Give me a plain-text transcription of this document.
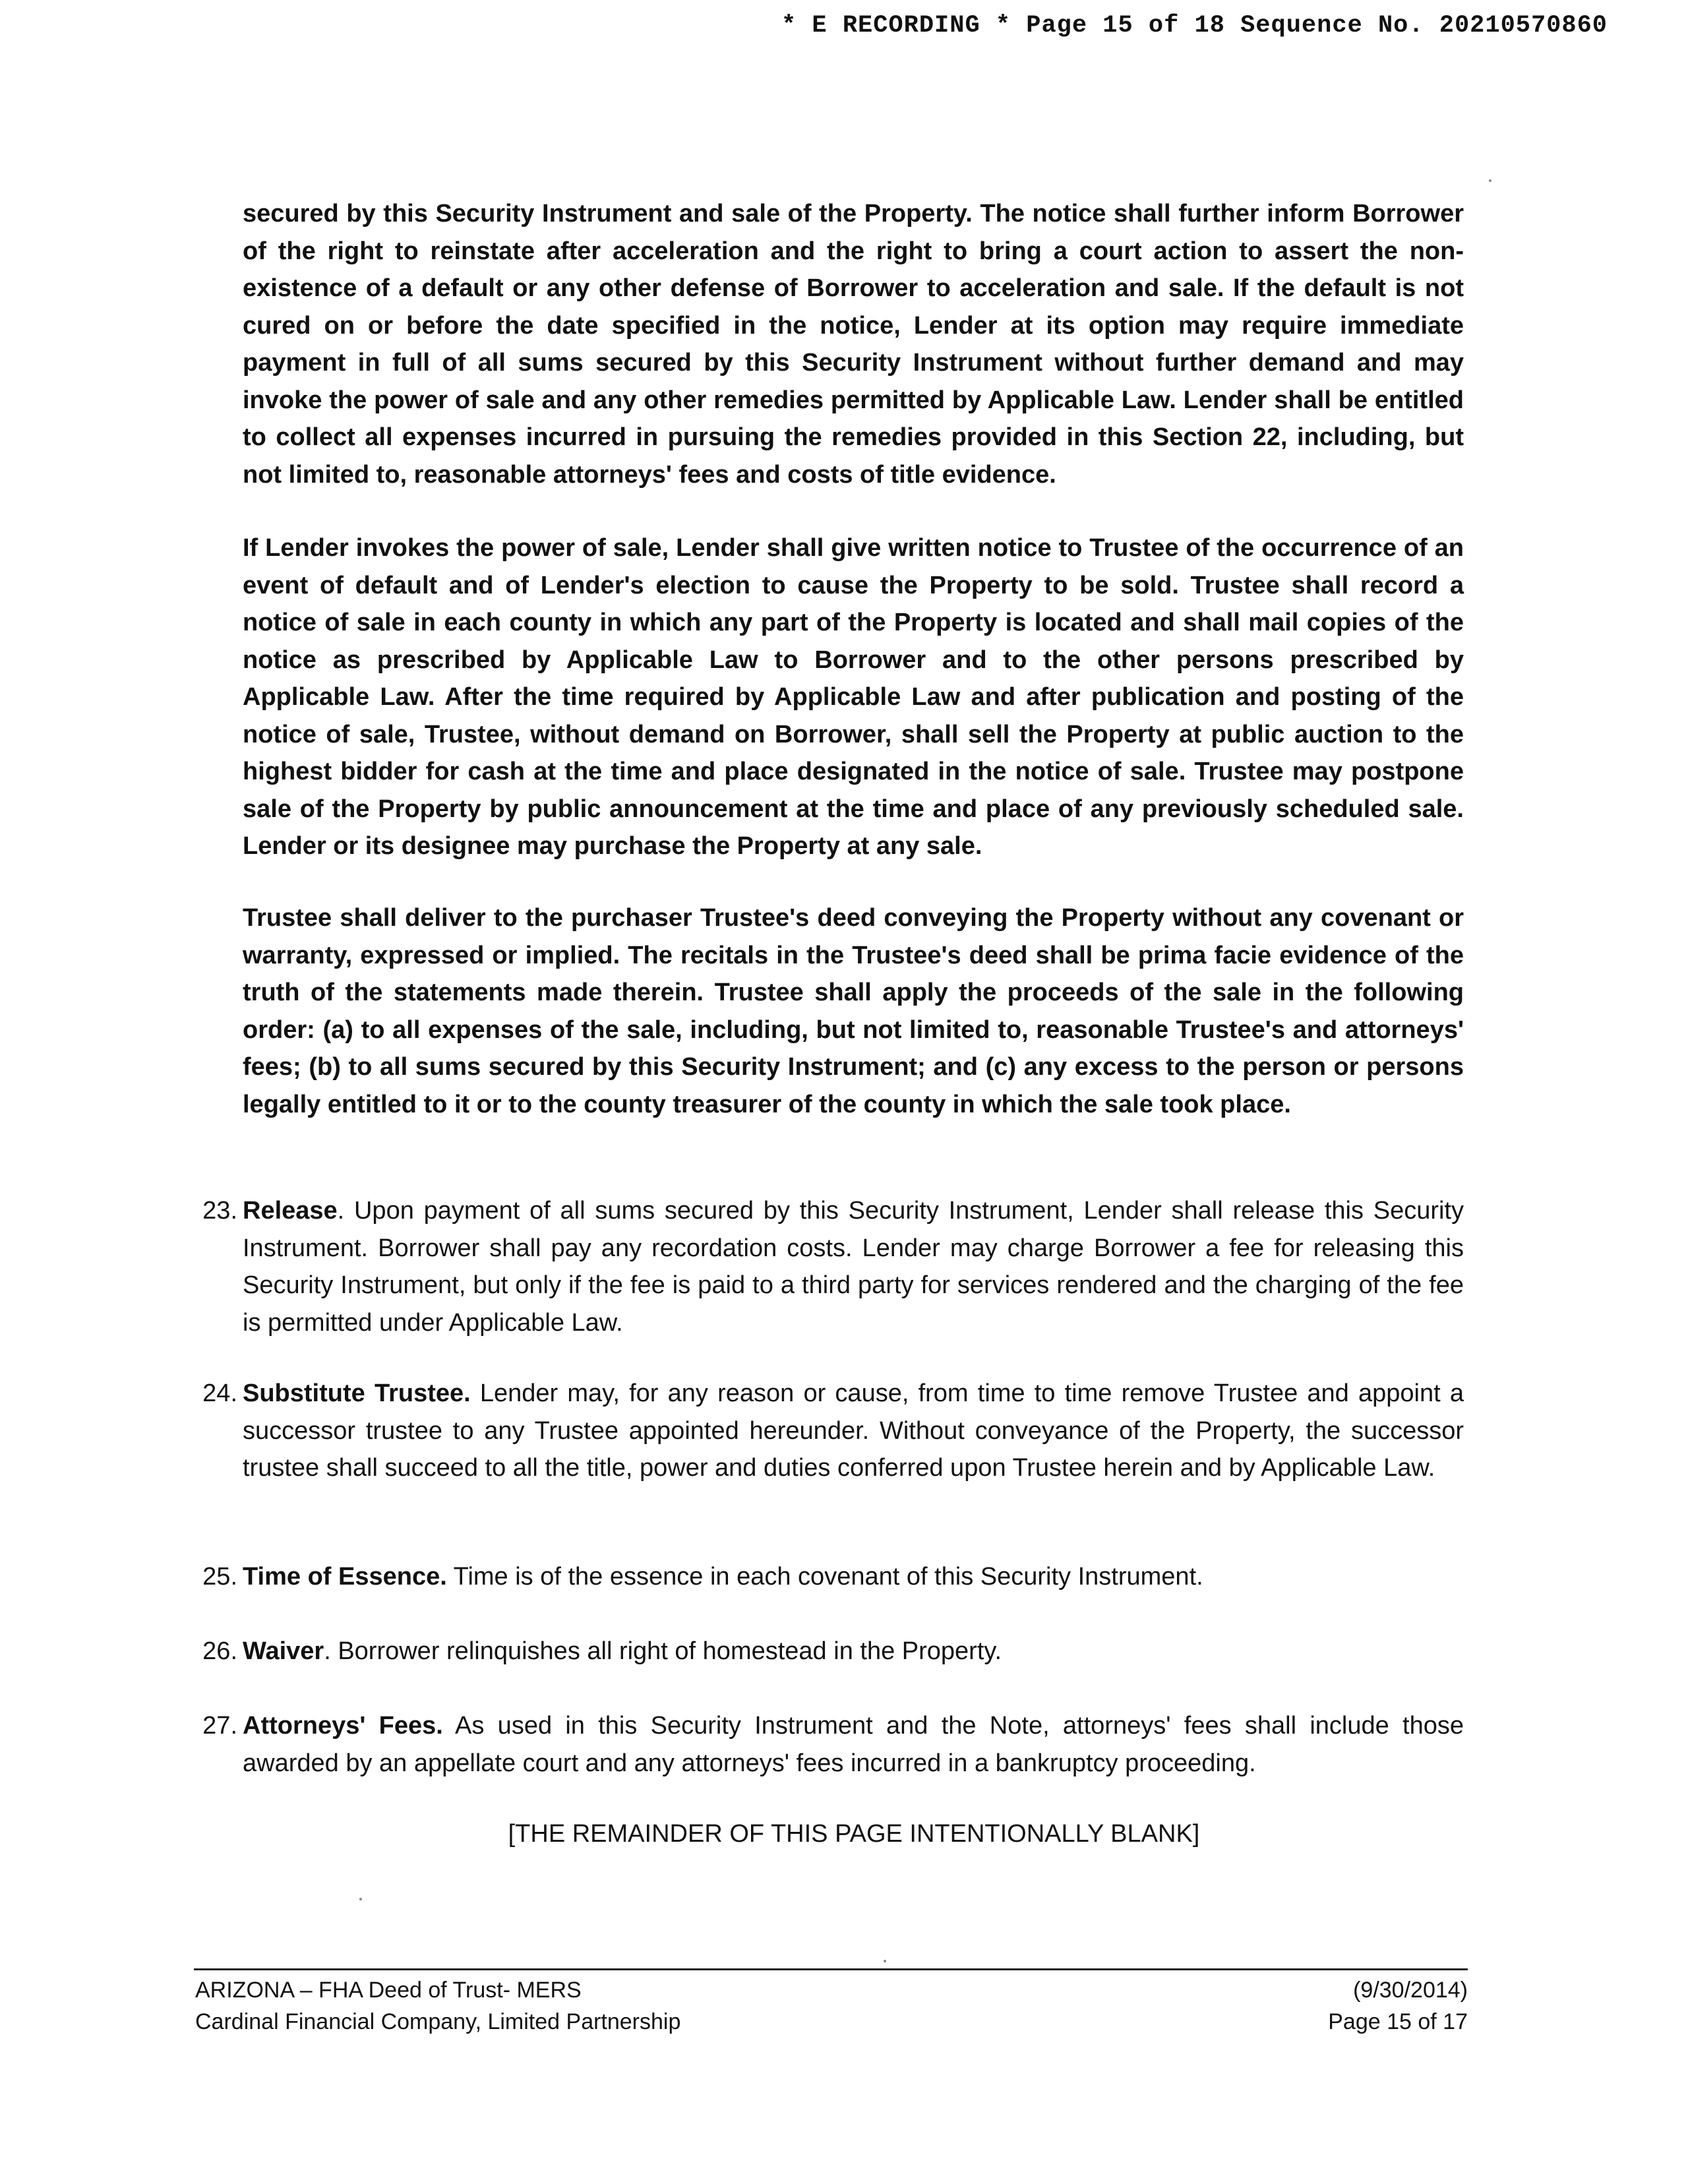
* E RECORDING * Page 15 of 18 Sequence No. 20210570860
secured by this Security Instrument and sale of the Property. The notice shall further inform Borrower of the right to reinstate after acceleration and the right to bring a court action to assert the non-existence of a default or any other defense of Borrower to acceleration and sale. If the default is not cured on or before the date specified in the notice, Lender at its option may require immediate payment in full of all sums secured by this Security Instrument without further demand and may invoke the power of sale and any other remedies permitted by Applicable Law. Lender shall be entitled to collect all expenses incurred in pursuing the remedies provided in this Section 22, including, but not limited to, reasonable attorneys' fees and costs of title evidence.
If Lender invokes the power of sale, Lender shall give written notice to Trustee of the occurrence of an event of default and of Lender's election to cause the Property to be sold. Trustee shall record a notice of sale in each county in which any part of the Property is located and shall mail copies of the notice as prescribed by Applicable Law to Borrower and to the other persons prescribed by Applicable Law. After the time required by Applicable Law and after publication and posting of the notice of sale, Trustee, without demand on Borrower, shall sell the Property at public auction to the highest bidder for cash at the time and place designated in the notice of sale. Trustee may postpone sale of the Property by public announcement at the time and place of any previously scheduled sale. Lender or its designee may purchase the Property at any sale.
Trustee shall deliver to the purchaser Trustee's deed conveying the Property without any covenant or warranty, expressed or implied. The recitals in the Trustee's deed shall be prima facie evidence of the truth of the statements made therein. Trustee shall apply the proceeds of the sale in the following order: (a) to all expenses of the sale, including, but not limited to, reasonable Trustee's and attorneys' fees; (b) to all sums secured by this Security Instrument; and (c) any excess to the person or persons legally entitled to it or to the county treasurer of the county in which the sale took place.
23. Release. Upon payment of all sums secured by this Security Instrument, Lender shall release this Security Instrument. Borrower shall pay any recordation costs. Lender may charge Borrower a fee for releasing this Security Instrument, but only if the fee is paid to a third party for services rendered and the charging of the fee is permitted under Applicable Law.
24. Substitute Trustee. Lender may, for any reason or cause, from time to time remove Trustee and appoint a successor trustee to any Trustee appointed hereunder. Without conveyance of the Property, the successor trustee shall succeed to all the title, power and duties conferred upon Trustee herein and by Applicable Law.
25. Time of Essence. Time is of the essence in each covenant of this Security Instrument.
26. Waiver. Borrower relinquishes all right of homestead in the Property.
27. Attorneys' Fees. As used in this Security Instrument and the Note, attorneys' fees shall include those awarded by an appellate court and any attorneys' fees incurred in a bankruptcy proceeding.
[THE REMAINDER OF THIS PAGE INTENTIONALLY BLANK]
ARIZONA – FHA Deed of Trust- MERS
Cardinal Financial Company, Limited Partnership
(9/30/2014)
Page 15 of 17
